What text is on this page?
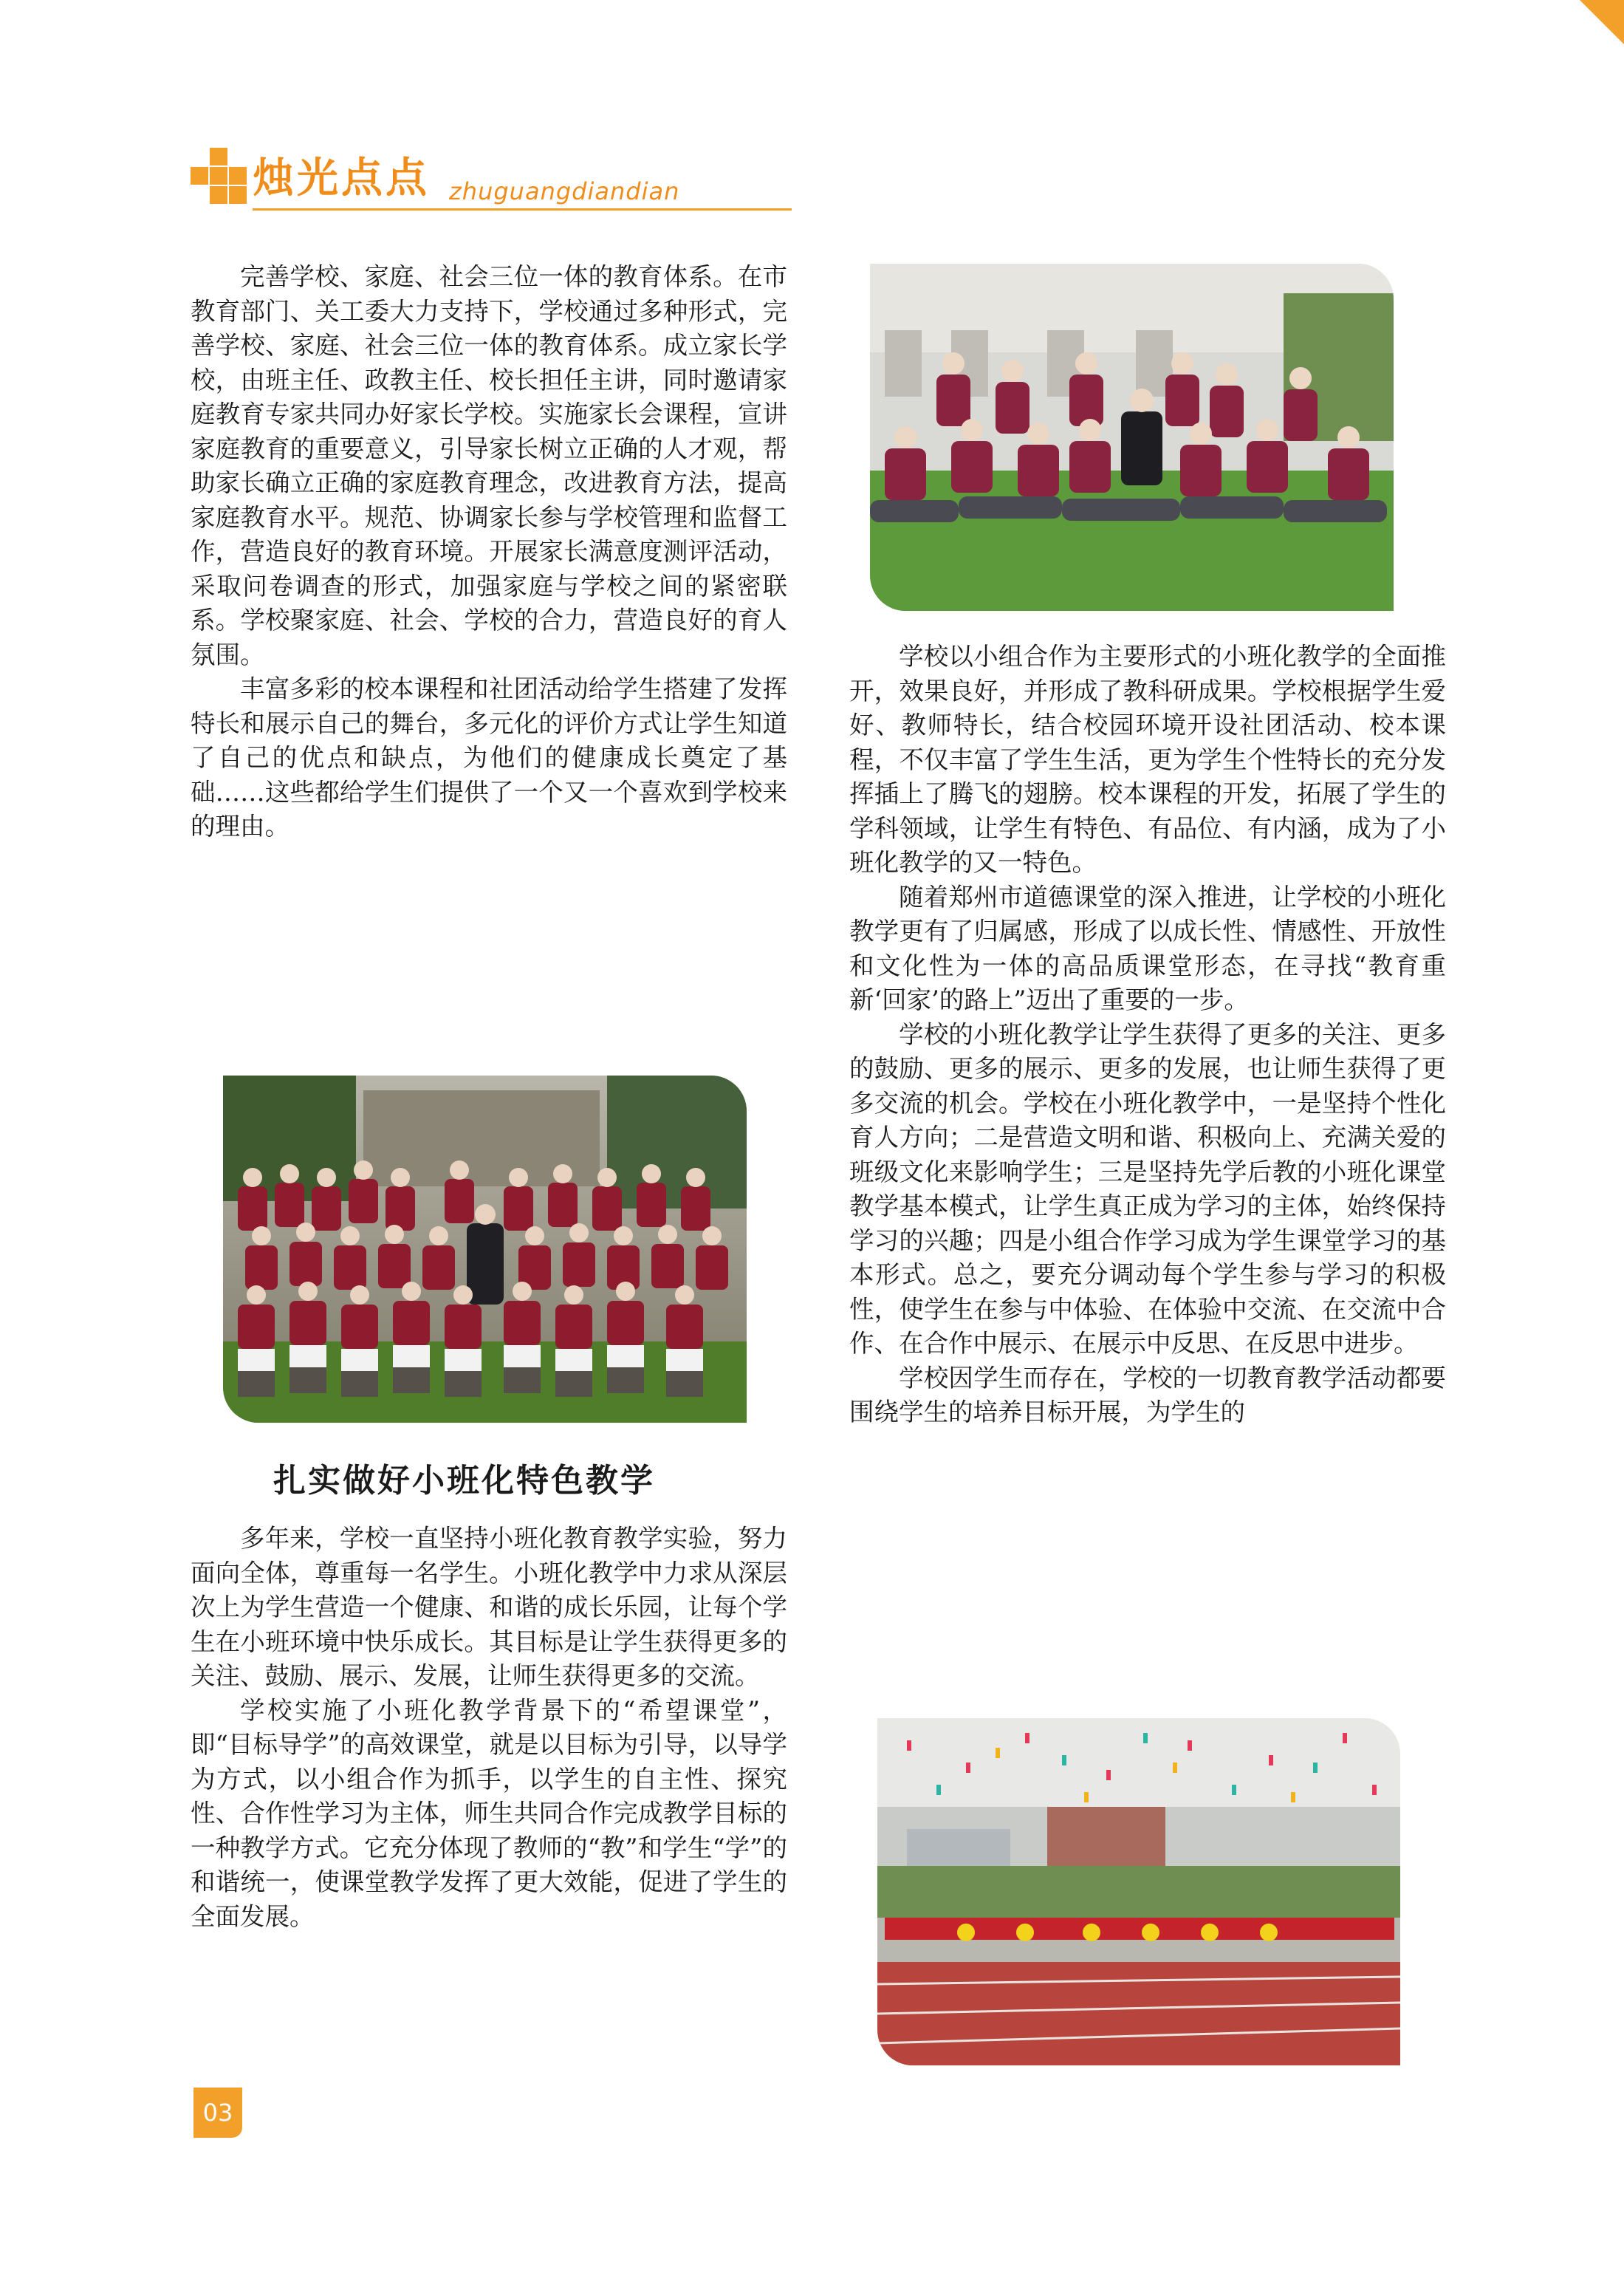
烛光点点 zhuguangdiandian

完善学校、家庭、社会三位一体的教育体系。在市教育部门、关工委大力支持下，学校通过多种形式，完善学校、家庭、社会三位一体的教育体系。成立家长学校，由班主任、政教主任、校长担任主讲，同时邀请家庭教育专家共同办好家长学校。实施家长会课程，宣讲家庭教育的重要意义，引导家长树立正确的人才观，帮助家长确立正确的家庭教育理念，改进教育方法，提高家庭教育水平。规范、协调家长参与学校管理和监督工作，营造良好的教育环境。开展家长满意度测评活动，采取问卷调查的形式，加强家庭与学校之间的紧密联系。学校聚家庭、社会、学校的合力，营造良好的育人氛围。

丰富多彩的校本课程和社团活动给学生搭建了发挥特长和展示自己的舞台，多元化的评价方式让学生知道了自己的优点和缺点，为他们的健康成长奠定了基础……这些都给学生们提供了一个又一个喜欢到学校来的理由。

扎实做好小班化特色教学

多年来，学校一直坚持小班化教育教学实验，努力面向全体，尊重每一名学生。小班化教学中力求从深层次上为学生营造一个健康、和谐的成长乐园，让每个学生在小班环境中快乐成长。其目标是让学生获得更多的关注、鼓励、展示、发展，让师生获得更多的交流。

学校实施了小班化教学背景下的“希望课堂”，即“目标导学”的高效课堂，就是以目标为引导，以导学为方式，以小组合作为抓手，以学生的自主性、探究性、合作性学习为主体，师生共同合作完成教学目标的一种教学方式。它充分体现了教师的“教”和学生“学”的和谐统一，使课堂教学发挥了更大效能，促进了学生的全面发展。

学校以小组合作为主要形式的小班化教学的全面推开，效果良好，并形成了教科研成果。学校根据学生爱好、教师特长，结合校园环境开设社团活动、校本课程，不仅丰富了学生生活，更为学生个性特长的充分发挥插上了腾飞的翅膀。校本课程的开发，拓展了学生的学科领域，让学生有特色、有品位、有内涵，成为了小班化教学的又一特色。

随着郑州市道德课堂的深入推进，让学校的小班化教学更有了归属感，形成了以成长性、情感性、开放性和文化性为一体的高品质课堂形态，在寻找“教育重新‘回家’的路上”迈出了重要的一步。

学校的小班化教学让学生获得了更多的关注、更多的鼓励、更多的展示、更多的发展，也让师生获得了更多交流的机会。学校在小班化教学中，一是坚持个性化育人方向；二是营造文明和谐、积极向上、充满关爱的班级文化来影响学生；三是坚持先学后教的小班化课堂教学基本模式，让学生真正成为学习的主体，始终保持学习的兴趣；四是小组合作学习成为学生课堂学习的基本形式。总之，要充分调动每个学生参与学习的积极性，使学生在参与中体验、在体验中交流、在交流中合作、在合作中展示、在展示中反思、在反思中进步。

学校因学生而存在，学校的一切教育教学活动都要围绕学生的培养目标开展，为学生的

03
